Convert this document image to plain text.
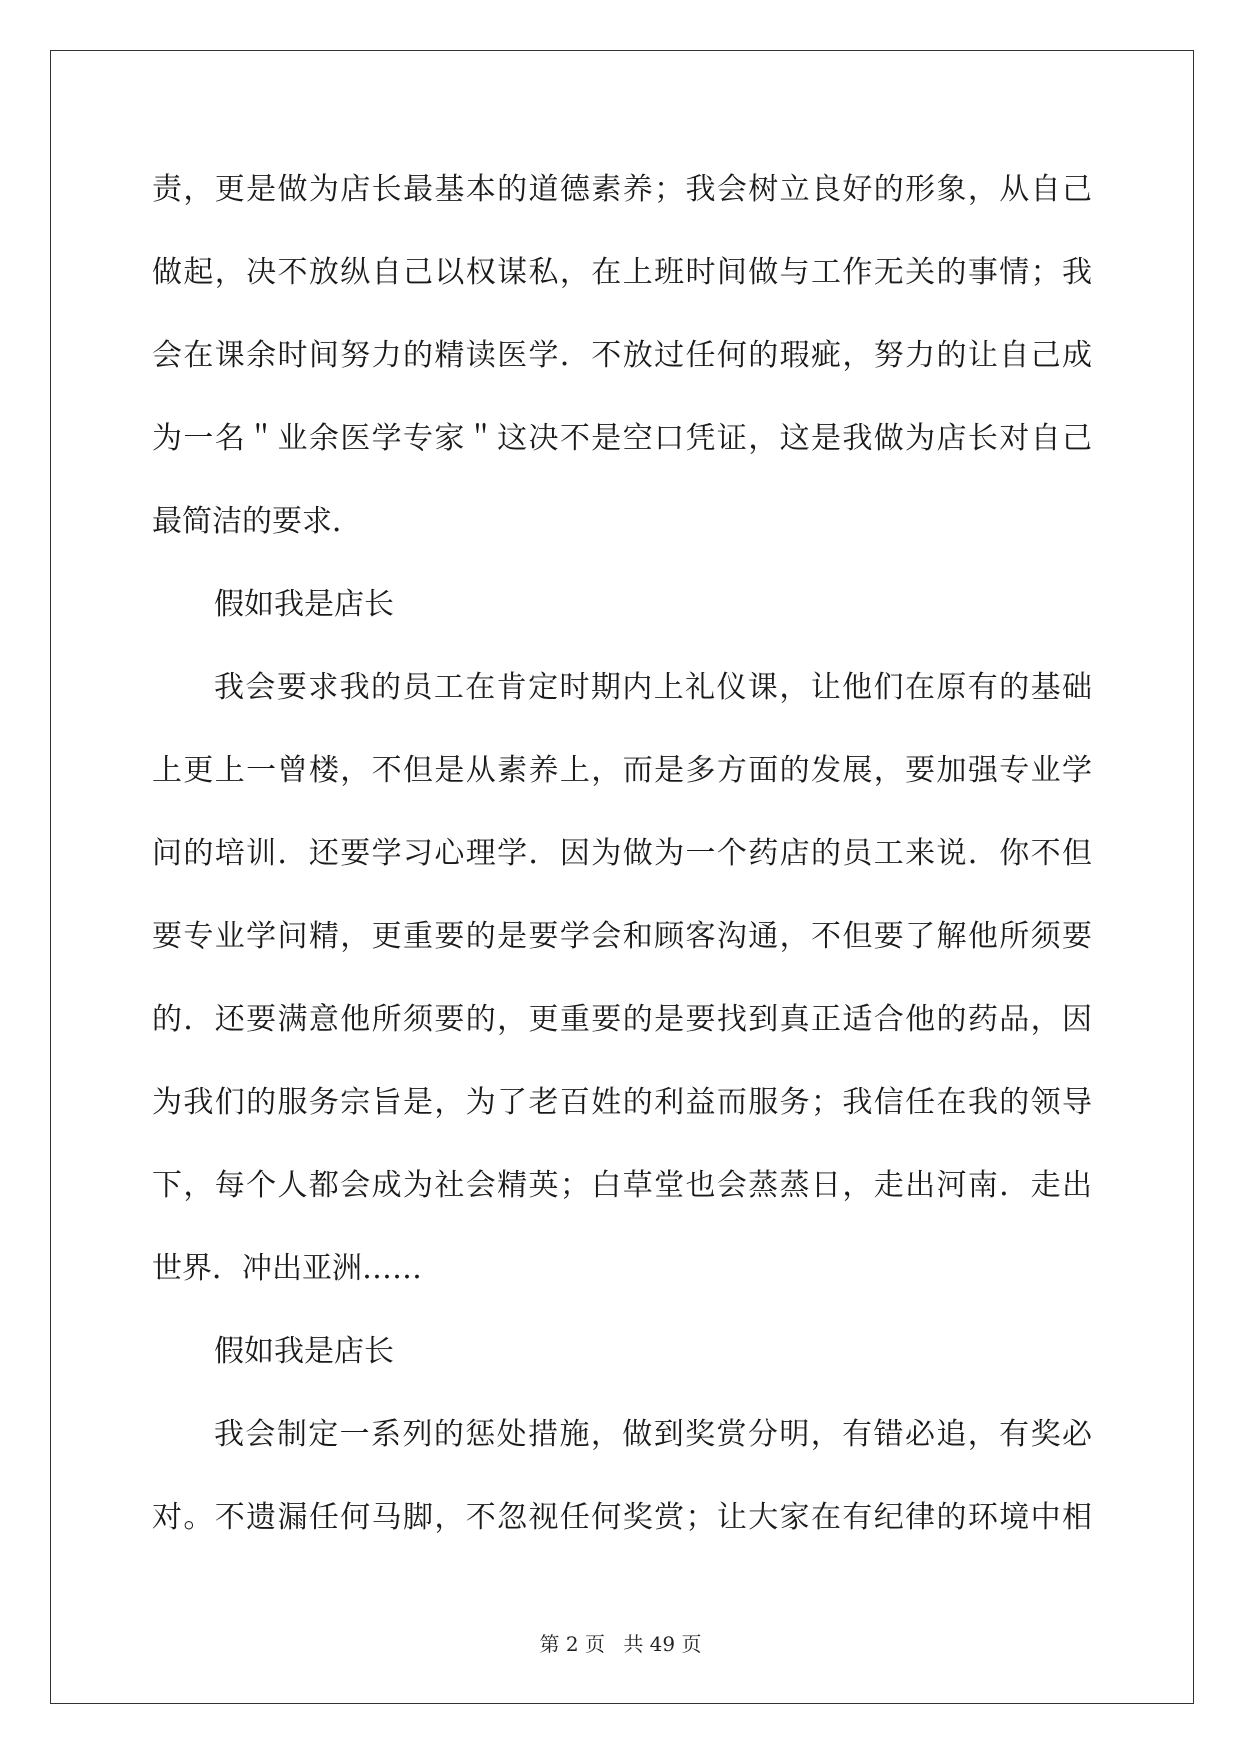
责，更是做为店长最基本的道德素养；我会树立良好的形象，从自己

做起，决不放纵自己以权谋私，在上班时间做与工作无关的事情；我

会在课余时间努力的精读医学．不放过任何的瑕疵，努力的让自己成

为一名＂业余医学专家＂这决不是空口凭证，这是我做为店长对自己

最简洁的要求．

假如我是店长

我会要求我的员工在肯定时期内上礼仪课，让他们在原有的基础

上更上一曾楼，不但是从素养上，而是多方面的发展，要加强专业学

问的培训．还要学习心理学．因为做为一个药店的员工来说．你不但

要专业学问精，更重要的是要学会和顾客沟通，不但要了解他所须要

的．还要满意他所须要的，更重要的是要找到真正适合他的药品，因

为我们的服务宗旨是，为了老百姓的利益而服务；我信任在我的领导

下，每个人都会成为社会精英；白草堂也会蒸蒸日，走出河南．走出

世界．冲出亚洲……

假如我是店长

我会制定一系列的惩处措施，做到奖赏分明，有错必追，有奖必

对。不遗漏任何马脚，不忽视任何奖赏；让大家在有纪律的环境中相

第 2 页 共 49 页
